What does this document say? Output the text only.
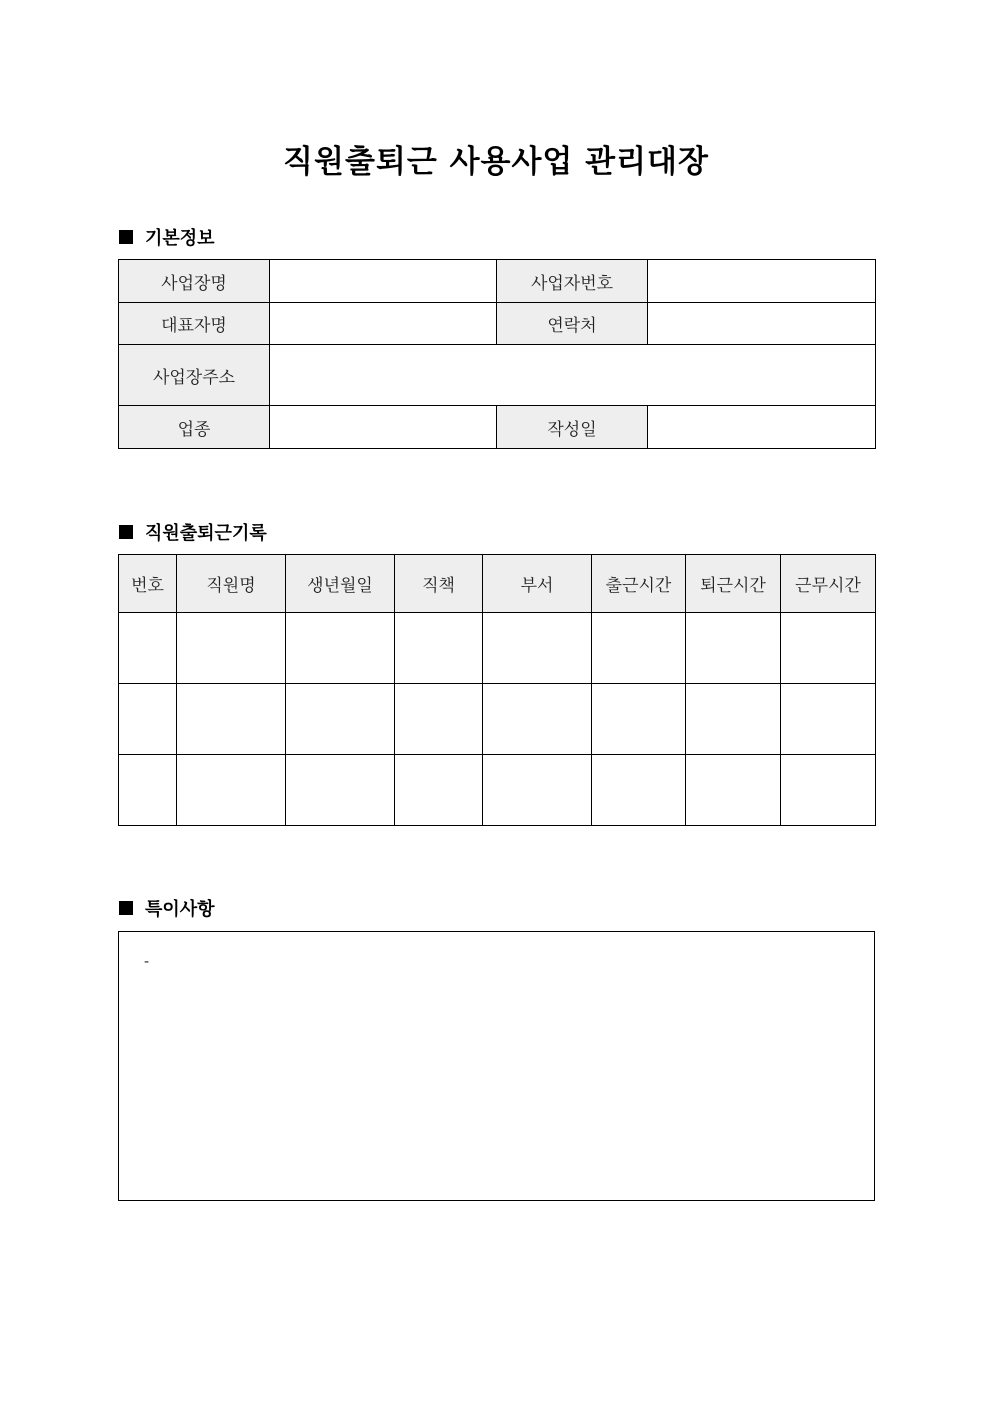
직원출퇴근 사용사업 관리대장
기본정보
사업장명		사업자번호	
대표자명		연락처	
사업장주소			
업종		작성일	
직원출퇴근기록
번호	직원명	생년월일	직책	부서	출근시간	퇴근시간	근무시간

특이사항
-
